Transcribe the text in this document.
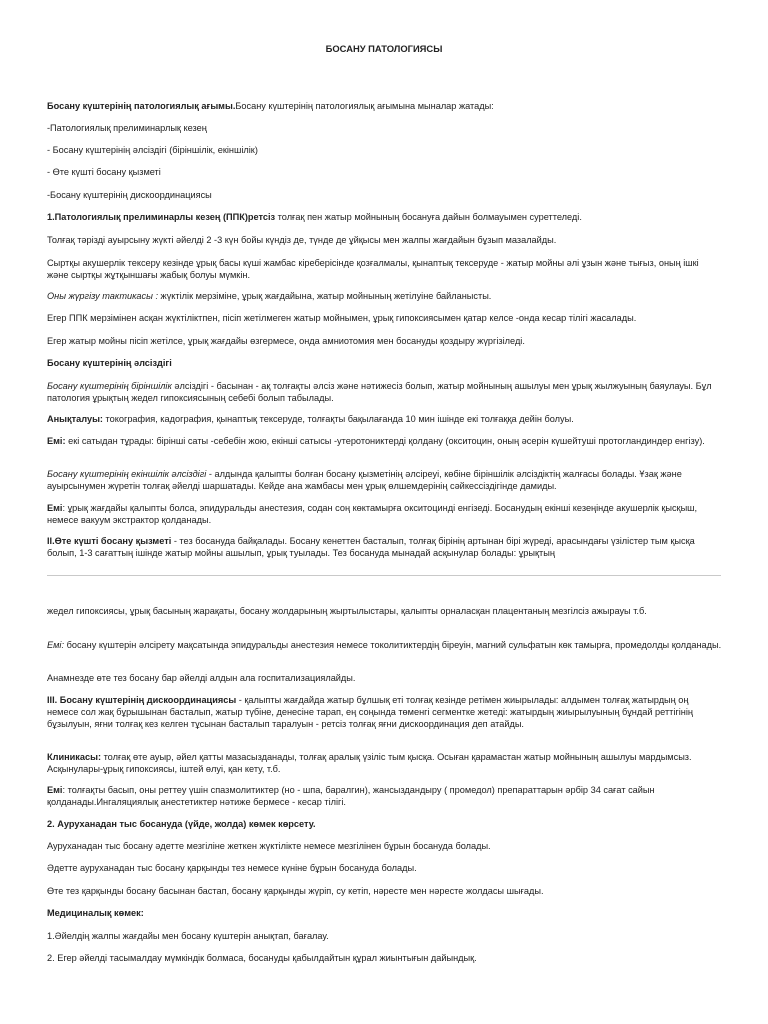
БОСАНУ ПАТОЛОГИЯСЫ

Босану күштерінің патологиялық ағымы.Босану күштерінің патологиялық ағымына мыналар жатады:

-Патологиялық прелиминарлық кезең

- Босану күштерінің әлсіздігі (біріншілік, екіншілік)

- Өте күшті босану қызметі

-Босану күштерінің дискоординациясы

1.Патологиялық прелиминарлы кезең (ППК)ретсіз толғақ пен жатыр мойнының босануға дайын болмауымен суреттеледі.

Толғақ тәрізді ауырсыну жүкті әйелді 2 -3 күн бойы күндіз де, түнде де ұйқысы мен жалпы жағдайын бұзып мазалайды.

Сыртқы акушерлік тексеру кезінде ұрық басы күші жамбас кіреберісінде қозғалмалы, қынаптық тексеруде - жатыр мойны әлі ұзын және тығыз, оның ішкі және сыртқы жұтқыншағы жабық болуы мүмкін.

Оны жүргізу тактикасы : жүктілік мерзіміне, ұрық жағдайына, жатыр мойнының жетілуіне байланысты.

Егер ППК мерзімінен асқан жүктіліктпен, пісіп жетілмеген жатыр мойнымен, ұрық гипоксиясымен қатар келсе -онда кесар тілігі жасалады.

Егер жатыр мойны пісіп жетілсе, ұрық жағдайы өзгермесе, онда амниотомия мен босануды қоздыру жүргізіледі.

Босану күштерінің әлсіздігі

Босану күштерінің біріншілік әлсіздігі - басынан - ақ толғақты әлсіз және нәтижесіз болып, жатыр мойнының ашылуы мен ұрық жылжуының баяулауы. Бұл патология ұрықтың жедел гипоксиясының себебі болып табылады.

Анықталуы: токография, кадография, қынаптық тексеруде, толғақты бақылағанда 10 мин ішінде екі толғаққа дейін болуы.

Емі: екі сатыдан тұрады: бірінші саты -себебін жою, екінші сатысы -утеротониктерді қолдану (окситоцин, оның әсерін күшейтуші протогландиндер енгізу).

Босану күштерінің екіншілік әлсіздігі - алдында қалыпты болған босану қызметінің әлсіреуі, көбіне біріншілік әлсіздіктің жалғасы болады. Ұзақ және ауырсынумен жүретін толғақ әйелді шаршатады. Кейде ана жамбасы мен ұрық өлшемдерінің сәйкессіздігінде дамиды.

Емі: ұрық жағдайы қалыпты болса, эпидуральды анестезия, содан соң көктамырға окситоцинді енгізеді. Босанудың екінші кезеңінде акушерлік қысқыш, немесе вакуум экстрактор қолданады.

II.Өте күшті босану қызметі - тез босануда байқалады. Босану кенеттен басталып, толғақ бірінің артынан бірі жүреді, арасындағы үзілістер тым қысқа болып, 1-3 сағаттың ішінде жатыр мойны ашылып, ұрық туылады. Тез босануда мынадай асқынулар болады: ұрықтың

жедел гипоксиясы, ұрық басының жарақаты, босану жолдарының жыртылыстары, қалыпты орналасқан плацентаның мезгілсіз ажырауы т.б.

Емі: босану күштерін әлсірету мақсатында эпидуральды анестезия немесе токолитиктердің біреуін, магний сульфатын көк тамырға, промедолды қолданады.

Анамнезде өте тез босану бар әйелді алдын ала госпитализациялайды.

III. Босану күштерінің дискоординациясы - қалыпты жағдайда жатыр бұлшық еті толғақ кезінде ретімен жиырылады: алдымен толғақ жатырдың оң немесе сол жақ бұрышынан басталып, жатыр түбіне, денесіне тарап, ең соңында төменгі сегментке жетеді: жатырдың жиырылуының бұндай реттігінің бұзылуын, яғни толғақ кез келген тұсынан басталып таралуын - ретсіз толғақ яғни дискоординация деп атайды.

Клиникасы: толғақ өте ауыр, әйел қатты мазасызданады, толғақ аралық үзіліс тым қысқа. Осыған қарамастан жатыр мойнының ашылуы мардымсыз. Асқынулары-ұрық гипоксиясы, іштей өлуі, қан кету, т.б.

Емі: толғақты басып, оны реттеу үшін спазмолитиктер (но - шпа, баралгин), жансыздандыру ( промедол) препараттарын әрбір 34 сағат сайын қолданады.Ингаляциялық анестетиктер нәтиже бермесе - кесар тілігі.

2. Ауруханадан тыс босануда (үйде, жолда) көмек көрсету.

Ауруханадан тыс босану әдетте мезгіліне жеткен жүктілікте немесе мезгілінен бұрын босануда болады.

Әдетте ауруханадан тыс босану қарқынды тез немесе күніне бұрын босануда болады.

Өте тез қарқынды босану басынан бастап, босану қарқынды жүріп, су кетіп, нәресте мен нәресте жолдасы шығады.

Медициналық көмек:

1.Әйелдің жалпы жағдайы мен босану күштерін анықтап, бағалау.

2. Егер әйелді тасымалдау мүмкіндік болмаса, босануды қабылдайтын құрал жиынтығын дайындық.
